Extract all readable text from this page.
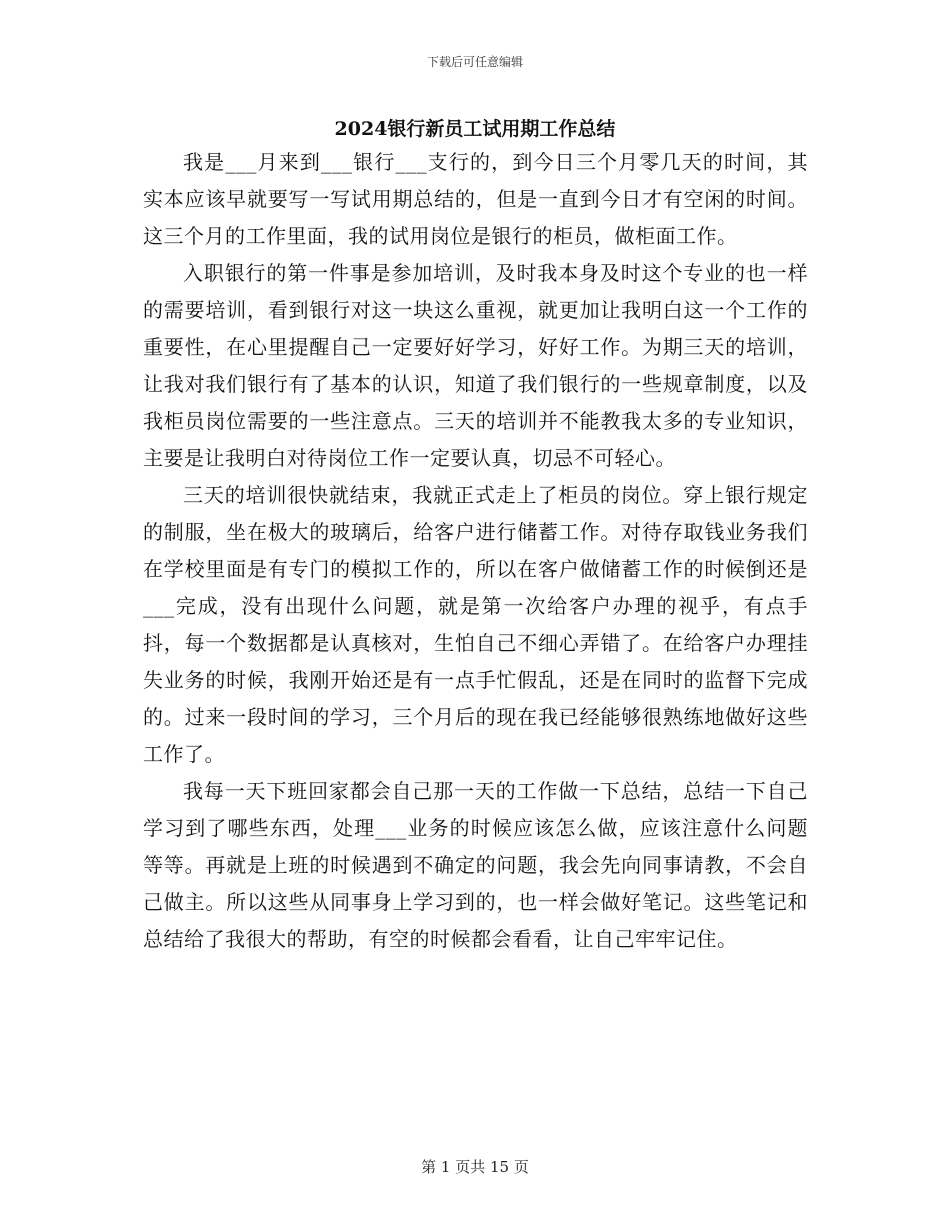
下载后可任意编辑
2024银行新员工试用期工作总结

我是___月来到___银行___支行的，到今日三个月零几天的时间，其实本应该早就要写一写试用期总结的，但是一直到今日才有空闲的时间。这三个月的工作里面，我的试用岗位是银行的柜员，做柜面工作。

入职银行的第一件事是参加培训，及时我本身及时这个专业的也一样的需要培训，看到银行对这一块这么重视，就更加让我明白这一个工作的重要性，在心里提醒自己一定要好好学习，好好工作。为期三天的培训，让我对我们银行有了基本的认识，知道了我们银行的一些规章制度，以及我柜员岗位需要的一些注意点。三天的培训并不能教我太多的专业知识，主要是让我明白对待岗位工作一定要认真，切忌不可轻心。

三天的培训很快就结束，我就正式走上了柜员的岗位。穿上银行规定的制服，坐在极大的玻璃后，给客户进行储蓄工作。对待存取钱业务我们在学校里面是有专门的模拟工作的，所以在客户做储蓄工作的时候倒还是___完成，没有出现什么问题，就是第一次给客户办理的视乎，有点手抖，每一个数据都是认真核对，生怕自己不细心弄错了。在给客户办理挂失业务的时候，我刚开始还是有一点手忙假乱，还是在同时的监督下完成的。过来一段时间的学习，三个月后的现在我已经能够很熟练地做好这些工作了。

我每一天下班回家都会自己那一天的工作做一下总结，总结一下自己学习到了哪些东西，处理___业务的时候应该怎么做，应该注意什么问题等等。再就是上班的时候遇到不确定的问题，我会先向同事请教，不会自己做主。所以这些从同事身上学习到的，也一样会做好笔记。这些笔记和总结给了我很大的帮助，有空的时候都会看看，让自己牢牢记住。

第 1 页共 15 页
